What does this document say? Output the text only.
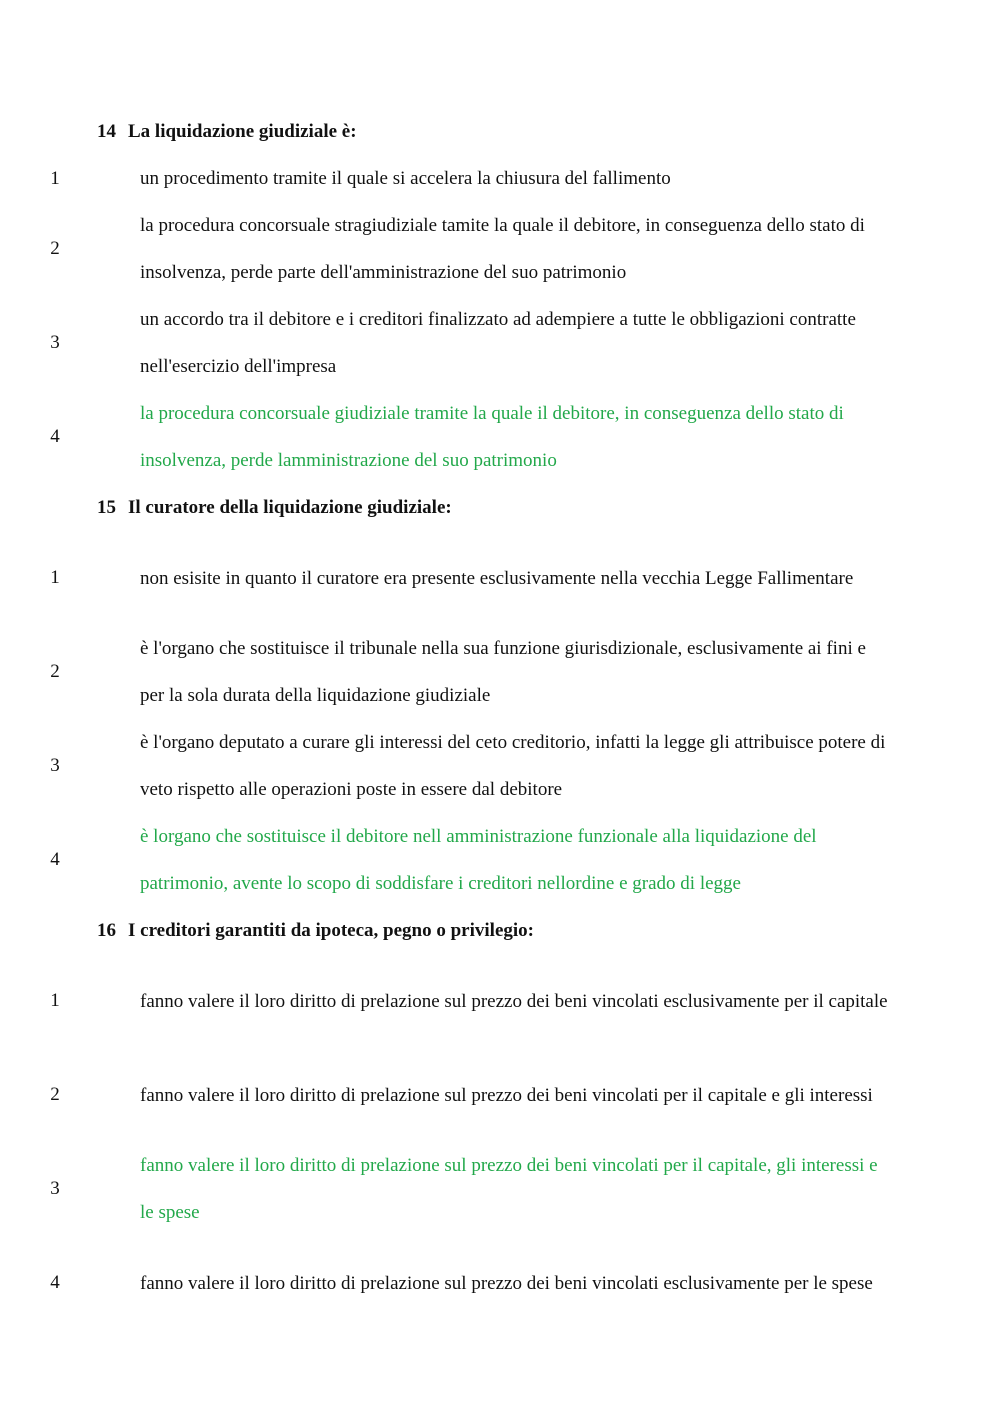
14 La liquidazione giudiziale è:
1	un procedimento tramite il quale si accelera la chiusura del fallimento
2
la procedura concorsuale stragiudiziale tamite la quale il debitore, in conseguenza dello stato di insolvenza, perde parte dell'amministrazione del suo patrimonio
3
un accordo tra il debitore e i creditori finalizzato ad adempiere a tutte le obbligazioni contratte nell'esercizio dell'impresa
4
la procedura concorsuale giudiziale tramite la quale il debitore, in conseguenza dello stato di insolvenza, perde lamministrazione del suo patrimonio
15 Il curatore della liquidazione giudiziale:
1	non esisite in quanto il curatore era presente esclusivamente nella vecchia Legge Fallimentare
2
è l'organo che sostituisce il tribunale nella sua funzione giurisdizionale, esclusivamente ai fini e per la sola durata della liquidazione giudiziale
3
è l'organo deputato a curare gli interessi del ceto creditorio, infatti la legge gli attribuisce potere di veto rispetto alle operazioni poste in essere dal debitore
4
è lorgano che sostituisce il debitore nell amministrazione funzionale alla liquidazione del patrimonio, avente lo scopo di soddisfare i creditori nellordine e grado di legge
16 I creditori garantiti da ipoteca, pegno o privilegio:
1	fanno valere il loro diritto di prelazione sul prezzo dei beni vincolati esclusivamente per il capitale
2	fanno valere il loro diritto di prelazione sul prezzo dei beni vincolati per il capitale e gli interessi
3
fanno valere il loro diritto di prelazione sul prezzo dei beni vincolati per il capitale, gli interessi e le spese
4	fanno valere il loro diritto di prelazione sul prezzo dei beni vincolati esclusivamente per le spese
